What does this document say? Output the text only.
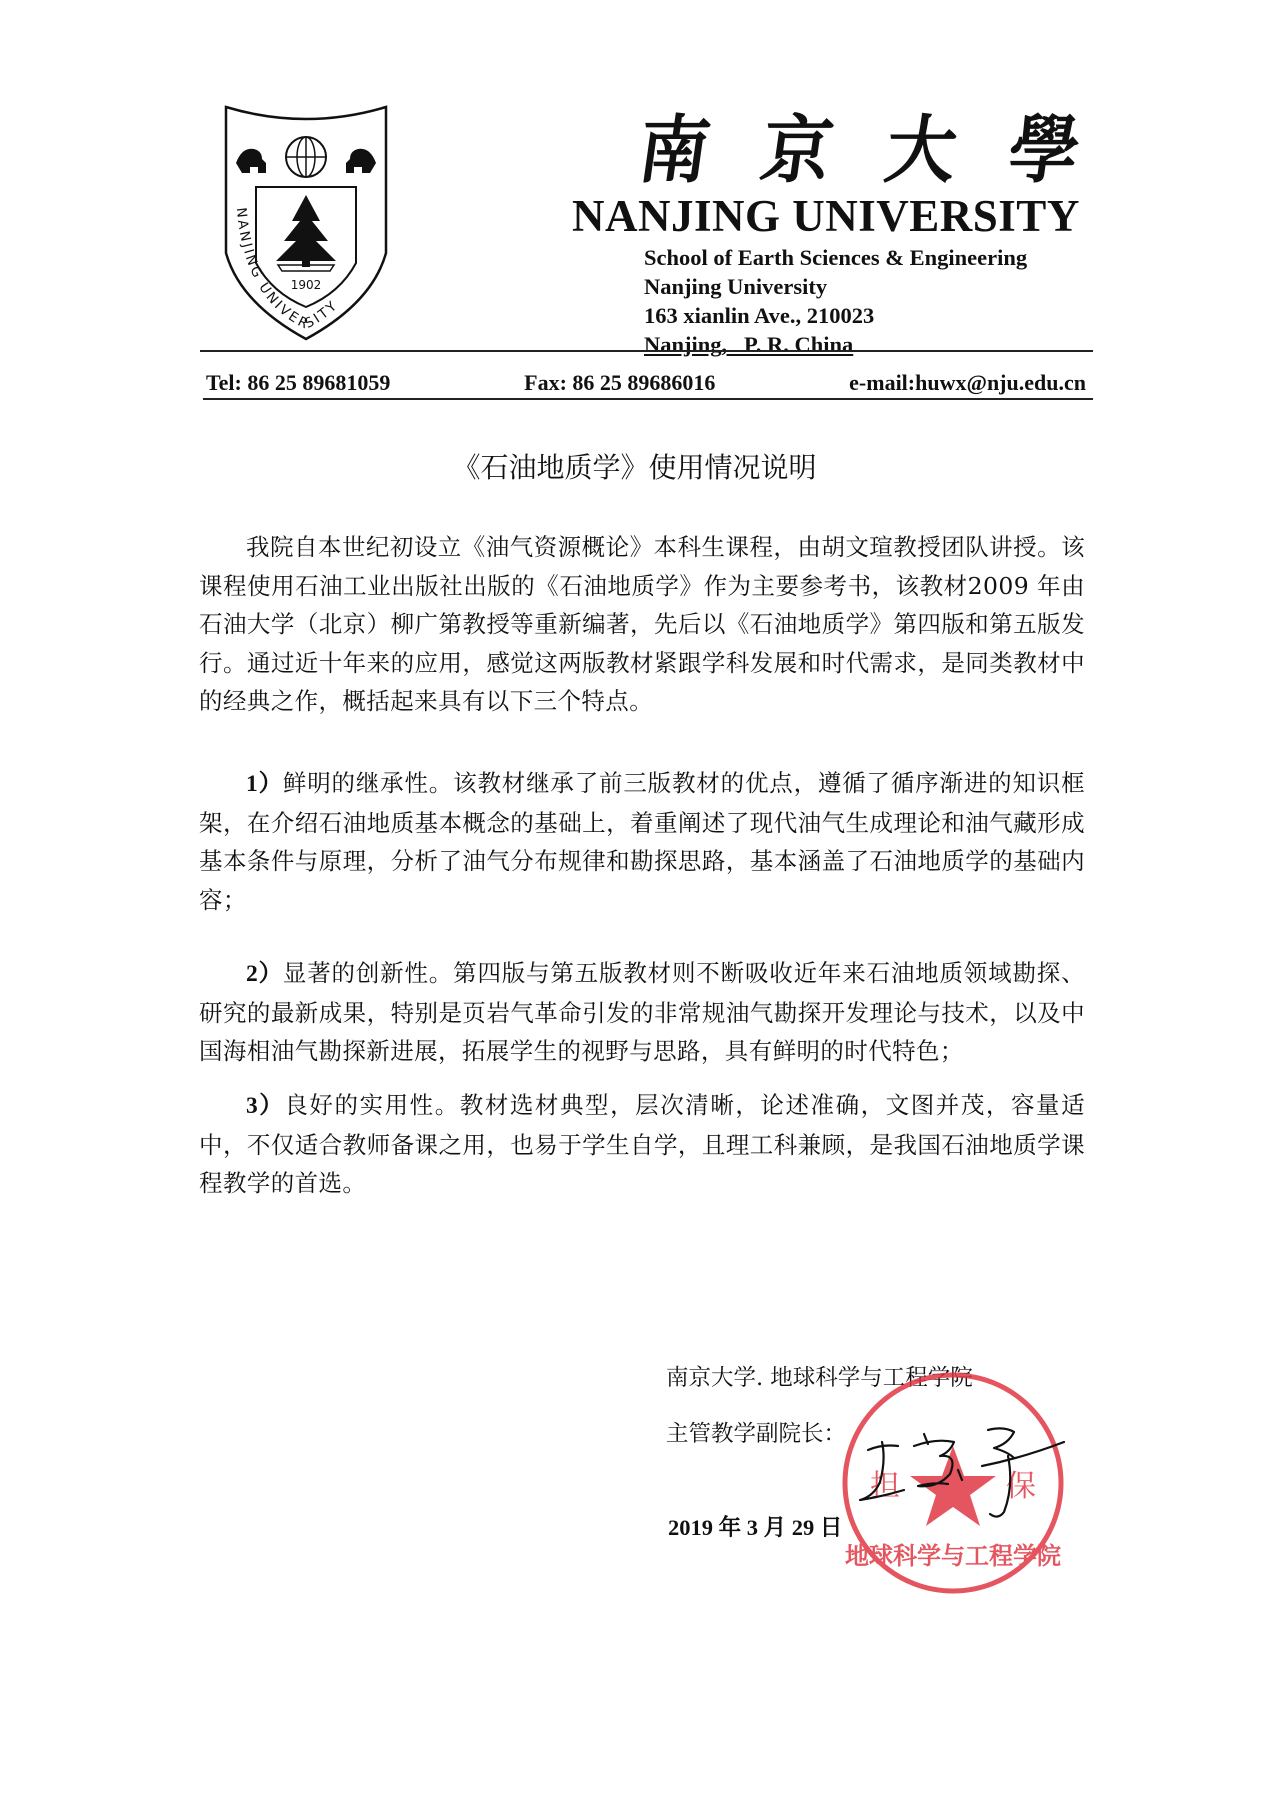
1902
NANJING UNIVERSITY
南 京 大 學
NANJING UNIVERSITY
School of Earth Sciences & Engineering
Nanjing University
163 xianlin Ave., 210023
Nanjing,   P. R. China
Tel: 86 25 89681059	Fax: 86 25 89686016	e-mail:huwx@nju.edu.cn
《石油地质学》使用情况说明
我院自本世纪初设立《油气资源概论》本科生课程，由胡文瑄教授团队讲授。该课程使用石油工业出版社出版的《石油地质学》作为主要参考书，该教材2009 年由石油大学（北京）柳广第教授等重新编著，先后以《石油地质学》第四版和第五版发行。通过近十年来的应用，感觉这两版教材紧跟学科发展和时代需求，是同类教材中的经典之作，概括起来具有以下三个特点。
1）鲜明的继承性。该教材继承了前三版教材的优点，遵循了循序渐进的知识框架，在介绍石油地质基本概念的基础上，着重阐述了现代油气生成理论和油气藏形成基本条件与原理，分析了油气分布规律和勘探思路，基本涵盖了石油地质学的基础内容；
2）显著的创新性。第四版与第五版教材则不断吸收近年来石油地质领域勘探、研究的最新成果，特别是页岩气革命引发的非常规油气勘探开发理论与技术，以及中国海相油气勘探新进展，拓展学生的视野与思路，具有鲜明的时代特色；
3）良好的实用性。教材选材典型，层次清晰，论述准确，文图并茂，容量适中，不仅适合教师备课之用，也易于学生自学，且理工科兼顾，是我国石油地质学课程教学的首选。
南京大学. 地球科学与工程学院
主管教学副院长：
2019 年 3 月 29 日
担	保
地球科学与工程学院
